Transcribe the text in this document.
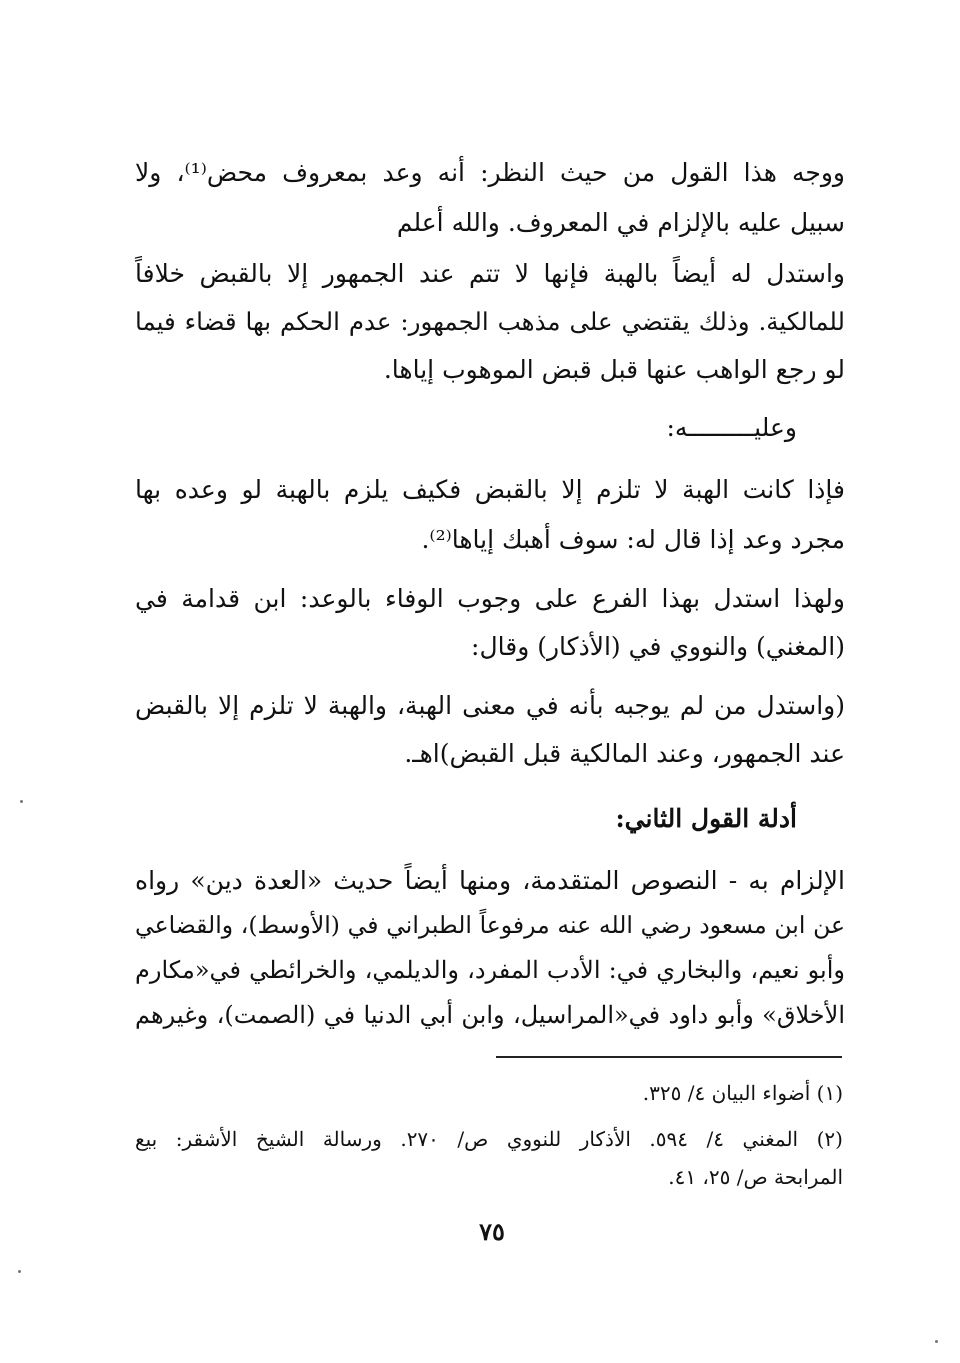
ووجه هذا القول من حيث النظر: أنه وعد بمعروف محض⁽¹⁾، ولا
سبيل عليه بالإلزام في المعروف. والله أعلم
واستدل له أيضاً بالهبة فإنها لا تتم عند الجمهور إلا بالقبض خلافاً
للمالكية. وذلك يقتضي على مذهب الجمهور: عدم الحكم بها قضاء فيما
لو رجع الواهب عنها قبل قبض الموهوب إياها.
وعليـــــــــه:
فإذا كانت الهبة لا تلزم إلا بالقبض فكيف يلزم بالهبة لو وعده بها
مجرد وعد إذا قال له: سوف أهبك إياها⁽²⁾.
ولهذا استدل بهذا الفرع على وجوب الوفاء بالوعد: ابن قدامة في
(المغني) والنووي في (الأذكار) وقال:
(واستدل من لم يوجبه بأنه في معنى الهبة، والهبة لا تلزم إلا بالقبض
عند الجمهور، وعند المالكية قبل القبض)اهـ.
أدلة القول الثاني:
الإلزام به - النصوص المتقدمة، ومنها أيضاً حديث «العدة دين» رواه
عن ابن مسعود رضي الله عنه مرفوعاً الطبراني في (الأوسط)، والقضاعي
وأبو نعيم، والبخاري في: الأدب المفرد، والديلمي، والخرائطي في«مكارم
الأخلاق» وأبو داود في«المراسيل، وابن أبي الدنيا في (الصمت)، وغيرهم
(١) أضواء البيان ٤/ ٣٢٥.
(٢) المغني ٤/ ٥٩٤. الأذكار للنووي ص/ ٢٧٠. ورسالة الشيخ الأشقر: بيع
المرابحة ص/ ٢٥، ٤١.
٧٥
